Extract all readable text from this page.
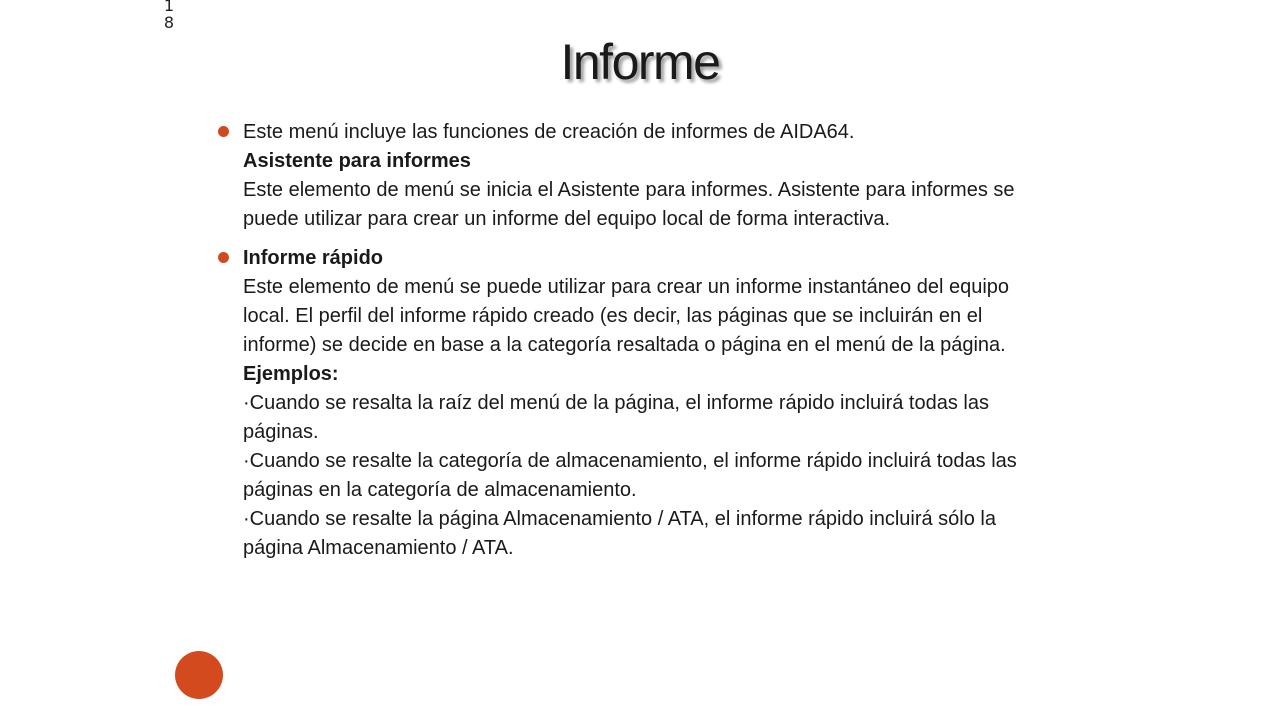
18
Informe
Este menú incluye las funciones de creación de informes de AIDA64.
Asistente para informes
Este elemento de menú se inicia el Asistente para informes. Asistente para informes se puede utilizar para crear un informe del equipo local de forma interactiva.
Informe rápido
Este elemento de menú se puede utilizar para crear un informe instantáneo del equipo local. El perfil del informe rápido creado (es decir, las páginas que se incluirán en el informe) se decide en base a la categoría resaltada o página en el menú de la página.
Ejemplos:
·Cuando se resalta la raíz del menú de la página, el informe rápido incluirá todas las páginas.
·Cuando se resalte la categoría de almacenamiento, el informe rápido incluirá todas las páginas en la categoría de almacenamiento.
·Cuando se resalte la página Almacenamiento / ATA, el informe rápido incluirá sólo la página Almacenamiento / ATA.
